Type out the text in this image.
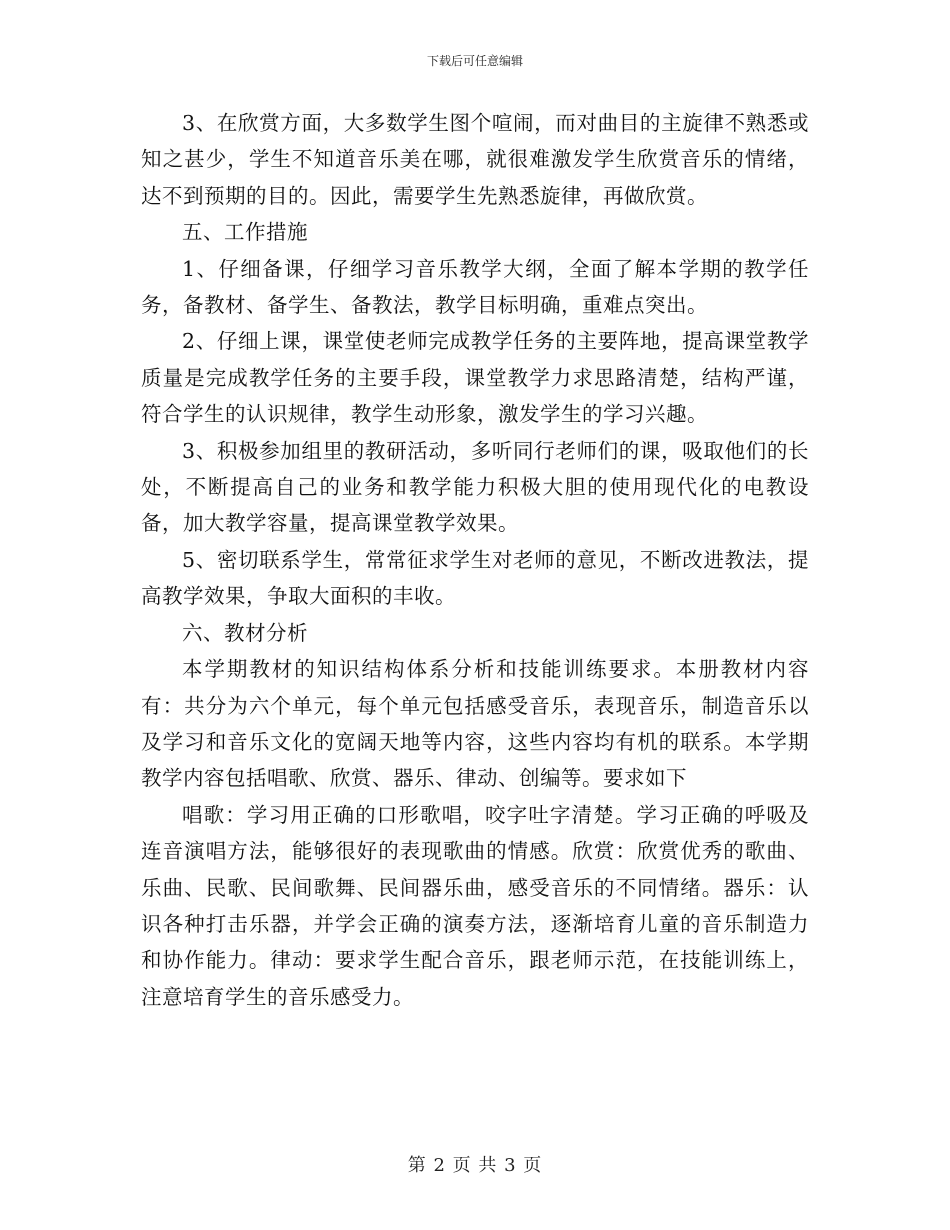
下载后可任意编辑

3、在欣赏方面，大多数学生图个喧闹，而对曲目的主旋律不熟悉或知之甚少，学生不知道音乐美在哪，就很难激发学生欣赏音乐的情绪，达不到预期的目的。因此，需要学生先熟悉旋律，再做欣赏。

五、工作措施

1、仔细备课，仔细学习音乐教学大纲，全面了解本学期的教学任务，备教材、备学生、备教法，教学目标明确，重难点突出。

2、仔细上课，课堂使老师完成教学任务的主要阵地，提高课堂教学质量是完成教学任务的主要手段，课堂教学力求思路清楚，结构严谨，符合学生的认识规律，教学生动形象，激发学生的学习兴趣。

3、积极参加组里的教研活动，多听同行老师们的课，吸取他们的长处，不断提高自己的业务和教学能力积极大胆的使用现代化的电教设备，加大教学容量，提高课堂教学效果。

5、密切联系学生，常常征求学生对老师的意见，不断改进教法，提高教学效果，争取大面积的丰收。

六、教材分析

本学期教材的知识结构体系分析和技能训练要求。本册教材内容有：共分为六个单元，每个单元包括感受音乐，表现音乐，制造音乐以及学习和音乐文化的宽阔天地等内容，这些内容均有机的联系。本学期教学内容包括唱歌、欣赏、器乐、律动、创编等。要求如下

唱歌：学习用正确的口形歌唱，咬字吐字清楚。学习正确的呼吸及连音演唱方法，能够很好的表现歌曲的情感。欣赏：欣赏优秀的歌曲、乐曲、民歌、民间歌舞、民间器乐曲，感受音乐的不同情绪。器乐：认识各种打击乐器，并学会正确的演奏方法，逐渐培育儿童的音乐制造力和协作能力。律动：要求学生配合音乐，跟老师示范，在技能训练上，注意培育学生的音乐感受力。

第 2 页 共 3 页
